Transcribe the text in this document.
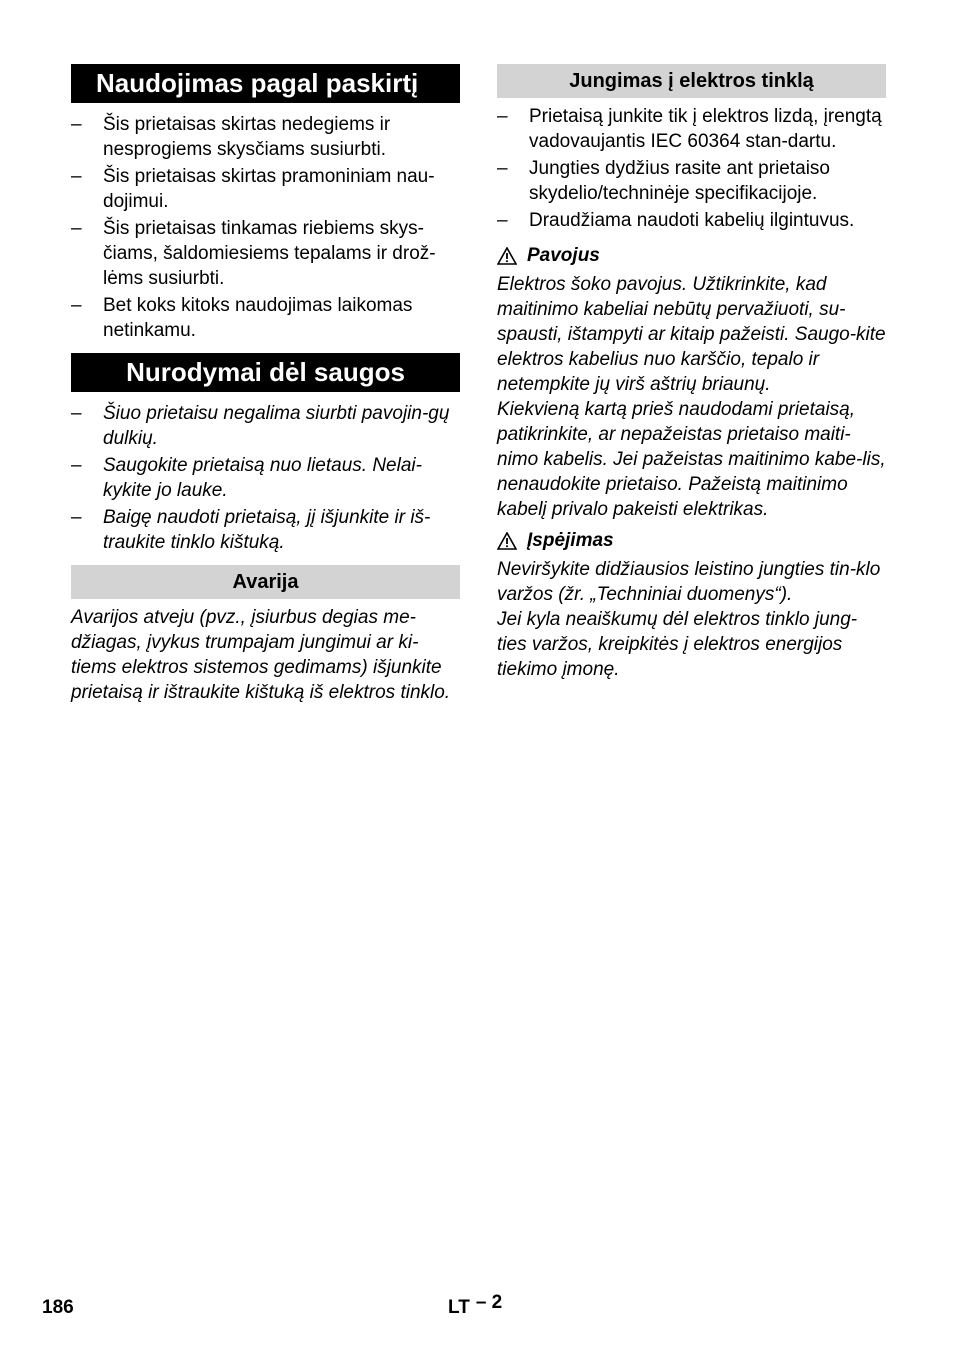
Naudojimas pagal paskirtį
–	Šis prietaisas skirtas nedegiems ir nesprogiems skysčiams susiurbti.
–	Šis prietaisas skirtas pramoniniam nau-dojimui.
–	Šis prietaisas tinkamas riebiems skys-čiams, šaldomiesiems tepalams ir drož-lėms susiurbti.
–	Bet koks kitoks naudojimas laikomas netinkamu.
Nurodymai dėl saugos
–	Šiuo prietaisu negalima siurbti pavojin-gų dulkių.
–	Saugokite prietaisą nuo lietaus. Nelai-kykite jo lauke.
–	Baigę naudoti prietaisą, jį išjunkite ir iš-traukite tinklo kištuką.
Avarija

Avarijos atveju (pvz., įsiurbus degias me-džiagas, įvykus trumpajam jungimui ar ki-tiems elektros sistemos gedimams) išjunkite prietaisą ir ištraukite kištuką iš elektros tinklo.

Jungimas į elektros tinklą
–	Prietaisą junkite tik į elektros lizdą, įrengtą vadovaujantis IEC 60364 stan-dartu.
–	Jungties dydžius rasite ant prietaiso skydelio/techninėje specifikacijoje.
–	Draudžiama naudoti kabelių ilgintuvus.
Pavojus

Elektros šoko pavojus. Užtikrinkite, kad maitinimo kabeliai nebūtų pervažiuoti, su-spausti, ištampyti ar kitaip pažeisti. Saugo-kite elektros kabelius nuo karščio, tepalo ir netempkite jų virš aštrių briaunų.

Kiekvieną kartą prieš naudodami prietaisą, patikrinkite, ar nepažeistas prietaiso maiti-nimo kabelis. Jei pažeistas maitinimo kabe-lis, nenaudokite prietaiso. Pažeistą maitinimo kabelį privalo pakeisti elektrikas.

Įspėjimas

Neviršykite didžiausios leistino jungties tin-klo varžos (žr. „Techniniai duomenys“).

Jei kyla neaiškumų dėl elektros tinklo jung-ties varžos, kreipkitės į elektros energijos tiekimo įmonę.

186	LT – 2
